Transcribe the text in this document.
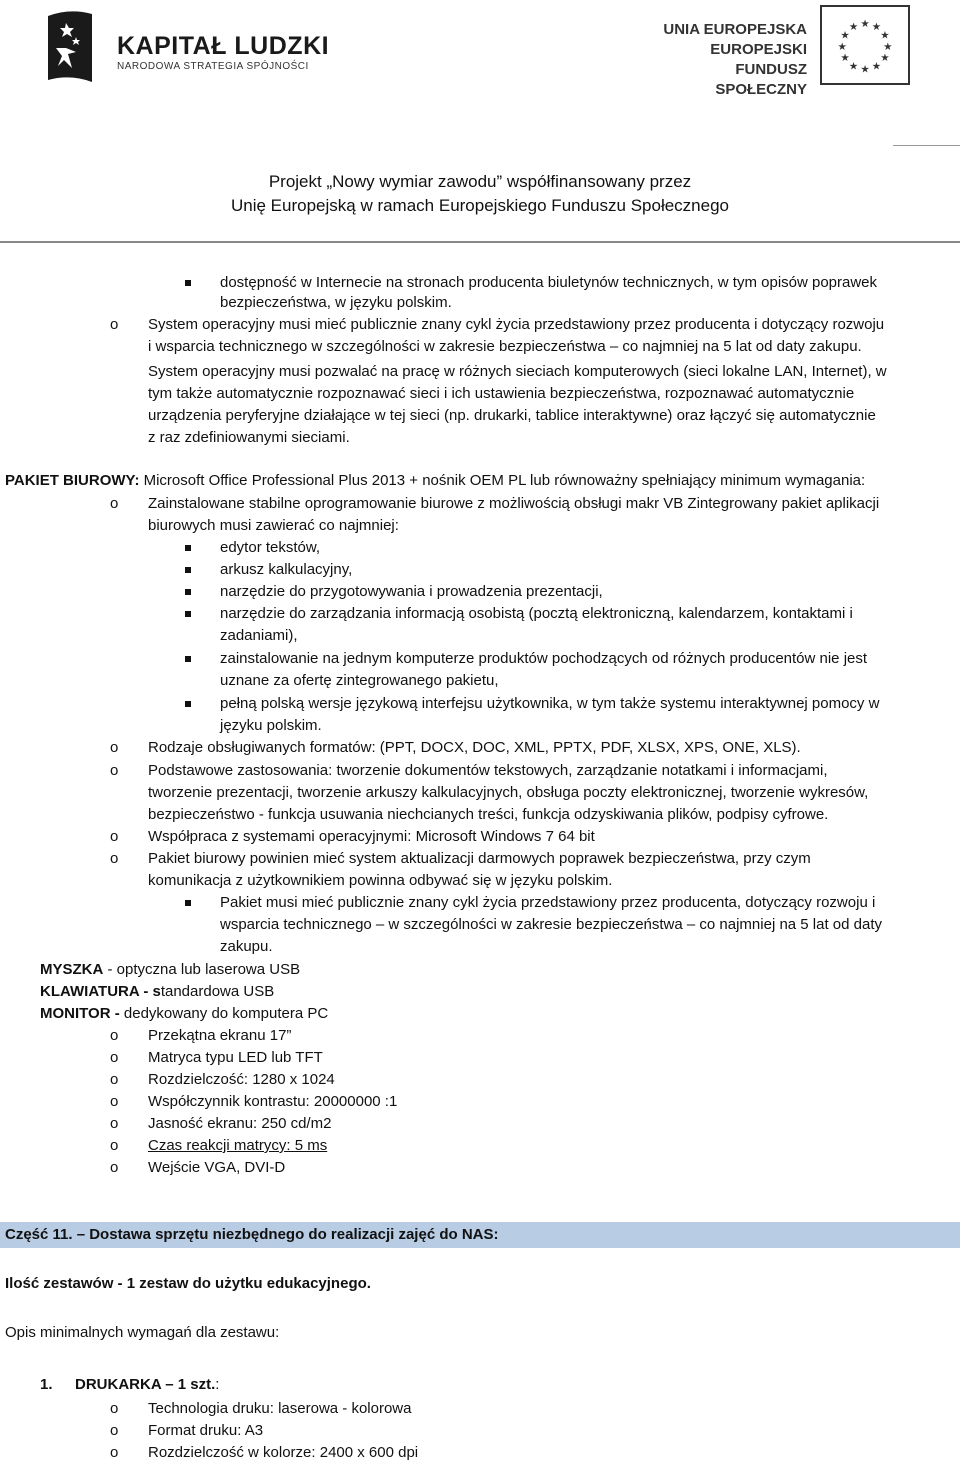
KAPITAŁ LUDZKI
NARODOWA STRATEGIA SPÓJNOŚCI
UNIA EUROPEJSKA
EUROPEJSKI
FUNDUSZ SPOŁECZNY
★ ★
★
★
★
★
★
★
★
★
★
★
Projekt „Nowy wymiar zawodu” współfinansowany przez
Unię Europejską w ramach Europejskiego Funduszu Społecznego
dostępność w Internecie na stronach producenta biuletynów technicznych, w tym opisów poprawek
bezpieczeństwa, w języku polskim.
o System operacyjny musi mieć publicznie znany cykl życia przedstawiony przez producenta i dotyczący rozwoju
i wsparcia technicznego w szczególności w zakresie bezpieczeństwa – co najmniej na 5 lat od daty zakupu.
System operacyjny musi pozwalać na pracę w różnych sieciach komputerowych (sieci lokalne LAN, Internet), w
tym także automatycznie rozpoznawać sieci i ich ustawienia bezpieczeństwa, rozpoznawać automatycznie
urządzenia peryferyjne działające w tej sieci (np. drukarki, tablice interaktywne) oraz łączyć się automatycznie
z raz zdefiniowanymi sieciami.
PAKIET BIUROWY: Microsoft Office Professional Plus 2013 + nośnik OEM PL lub równoważny spełniający minimum wymagania:
o Zainstalowane stabilne oprogramowanie biurowe z możliwością obsługi makr VB Zintegrowany pakiet aplikacji
biurowych musi zawierać co najmniej:
edytor tekstów,
arkusz kalkulacyjny,
narzędzie do przygotowywania i prowadzenia prezentacji,
narzędzie do zarządzania informacją osobistą (pocztą elektroniczną, kalendarzem, kontaktami i
zadaniami),
zainstalowanie na jednym komputerze produktów pochodzących od różnych producentów nie jest
uznane za ofertę zintegrowanego pakietu,
pełną polską wersje językową interfejsu użytkownika, w tym także systemu interaktywnej pomocy w
języku polskim.
o Rodzaje obsługiwanych formatów: (PPT, DOCX, DOC, XML, PPTX, PDF, XLSX, XPS, ONE, XLS).
o Podstawowe zastosowania: tworzenie dokumentów tekstowych, zarządzanie notatkami i informacjami,
tworzenie prezentacji, tworzenie arkuszy kalkulacyjnych, obsługa poczty elektronicznej, tworzenie wykresów,
bezpieczeństwo - funkcja usuwania niechcianych treści, funkcja odzyskiwania plików, podpisy cyfrowe.
o Współpraca z systemami operacyjnymi: Microsoft Windows 7 64 bit
o Pakiet biurowy powinien mieć system aktualizacji darmowych poprawek bezpieczeństwa, przy czym
komunikacja z użytkownikiem powinna odbywać się w języku polskim.
Pakiet musi mieć publicznie znany cykl życia przedstawiony przez producenta, dotyczący rozwoju i
wsparcia technicznego – w szczególności w zakresie bezpieczeństwa – co najmniej na 5 lat od daty
zakupu.
MYSZKA - optyczna lub laserowa USB
KLAWIATURA - standardowa USB
MONITOR - dedykowany do komputera PC
o Przekątna ekranu 17”
o Matryca typu LED lub TFT
o Rozdzielczość: 1280 x 1024
o Współczynnik kontrastu: 20000000 :1
o Jasność ekranu: 250 cd/m2
o Czas reakcji matrycy: 5 ms
o Wejście VGA, DVI-D
Część 11. – Dostawa sprzętu niezbędnego do realizacji zajęć do NAS:
Ilość zestawów - 1 zestaw do użytku edukacyjnego.
Opis minimalnych wymagań dla zestawu:
1. DRUKARKA – 1 szt.:
o Technologia druku: laserowa - kolorowa
o Format druku: A3
o Rozdzielczość w kolorze: 2400 x 600 dpi
